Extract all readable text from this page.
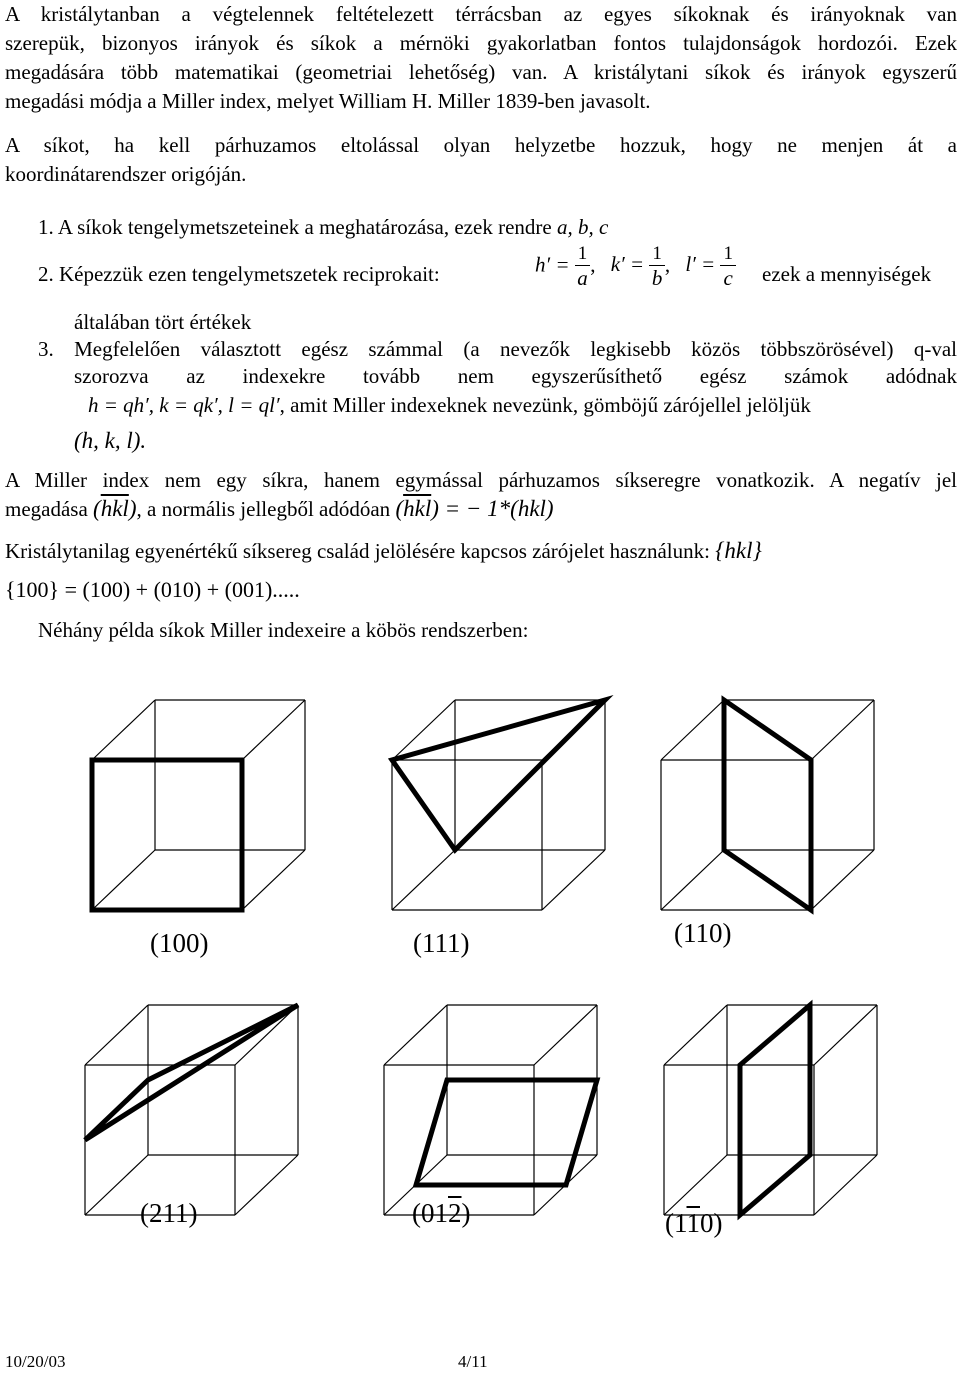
A kristálytanban a végtelennek feltételezett térrácsban az egyes síkoknak és irányoknak van
szerepük, bizonyos irányok és síkok a mérnöki gyakorlatban fontos tulajdonságok hordozói. Ezek
megadására több matematikai (geometriai lehetőség) van. A kristálytani síkok és irányok egyszerű
megadási módja a Miller index, melyet William H. Miller 1839-ben javasolt.
A síkot, ha kell párhuzamos eltolással olyan helyzetbe hozzuk, hogy ne menjen át a
koordinátarendszer origóján.
1. A síkok tengelymetszeteinek a meghatározása, ezek rendre a, b, c
2. Képezzük ezen tengelymetszetek reciprokait:	$h' = \frac{1}{a}$ , $k' = \frac{1}{b}$ , $l' = \frac{1}{c}$ ezek a mennyiségek
általában tört értékek
3. Megfelelően választott egész számmal (a nevezők legkisebb közös többszörösével) q-val
szorozva az indexekre tovább nem egyszerűsíthető egész számok adódnak
h = qh′, k = qk′, l = ql′, amit Miller indexeknek nevezünk, gömböjű zárójellel jelöljük
(h, k, l).
A Miller index nem egy síkra, hanem egymással párhuzamos síkseregre vonatkozik. A negatív jel
megadása $(\overline{hkl})$, a normális jellegből adódóan $(\overline{hkl})$ = − 1*(hkl)
Kristálytanilag egyenértékű síksereg család jelölésére kapcsos zárójelet használunk: {hkl}
{100} = (100) + (010) + (001).....
Néhány példa síkok Miller indexeire a köbös rendszerben:
(100)	(111)	(110)
(211)	(012)	(110)
10/20/03	4/11
